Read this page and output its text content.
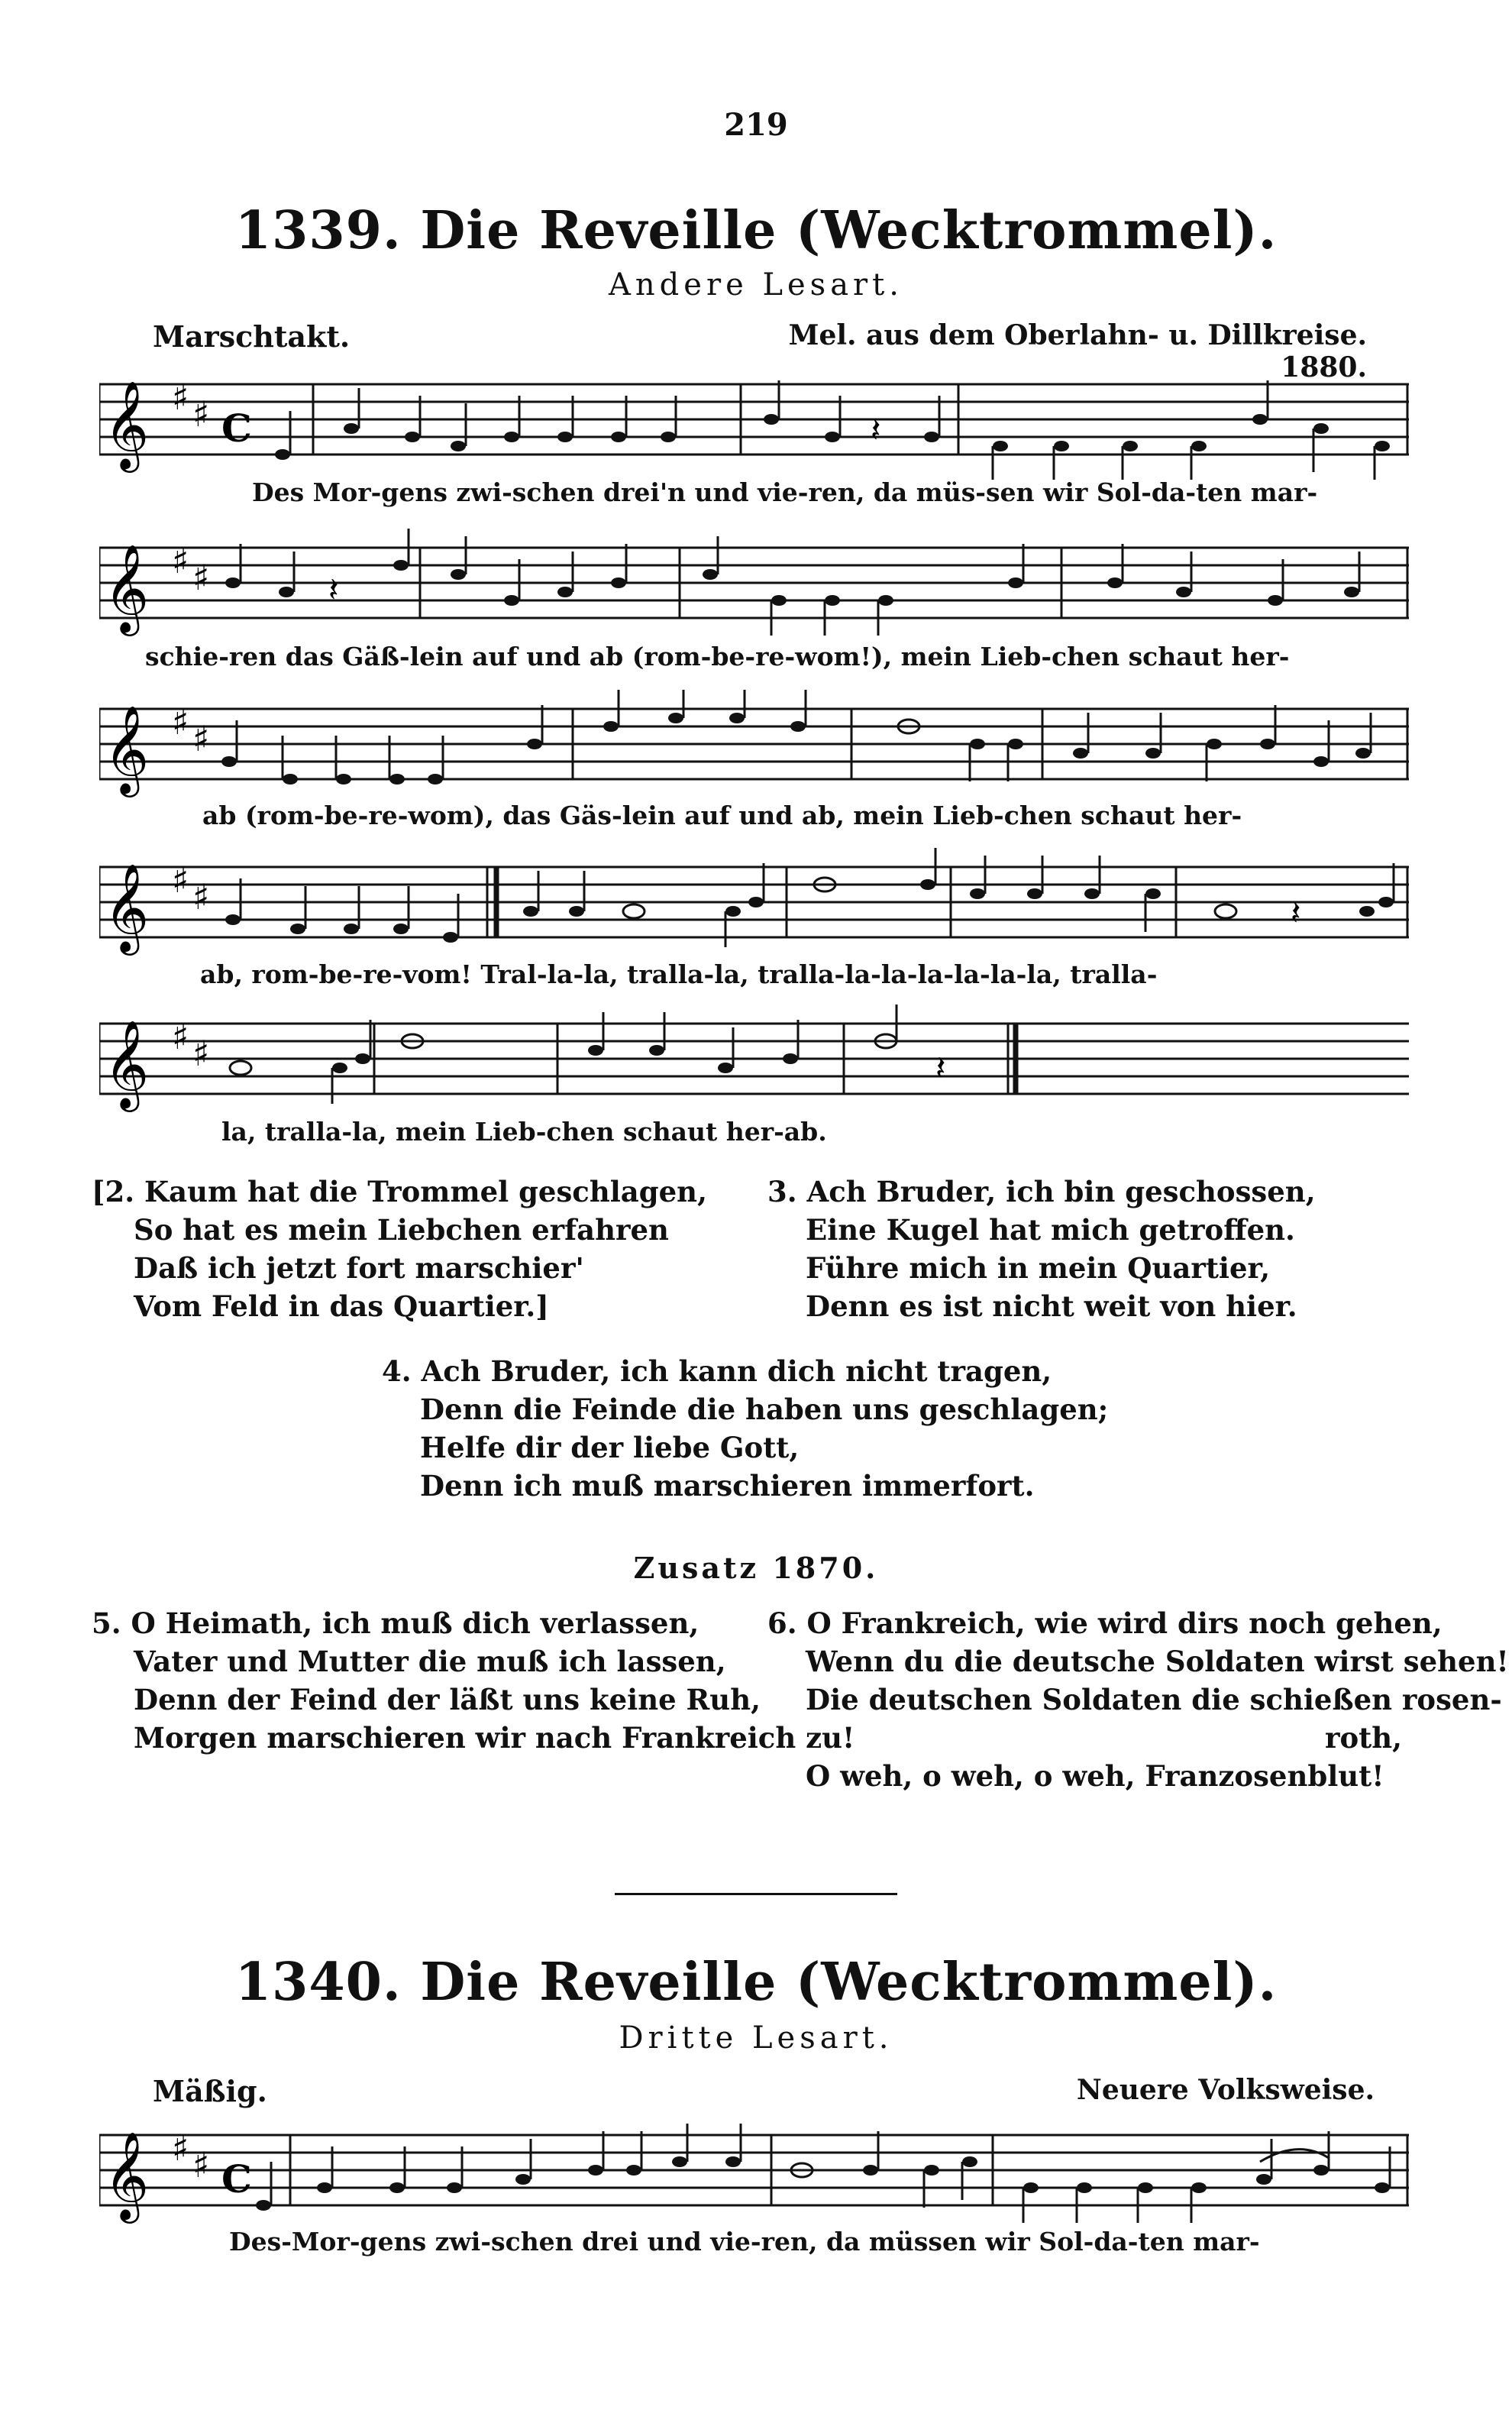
219
1339. Die Reveille (Wecktrommel).
Andere Lesart.
Marschtakt.	Mel. aus dem Oberlahn- u. Dillkreise. 1880.
𝄞 ♯ ♯ C	𝄽
Des Mor-gens zwi-schen drei'n und vie-ren, da müs-sen wir Sol-da-ten mar-
𝄞 ♯ ♯	𝄽
schie-ren das Gäß-lein auf und ab (rom-be-re-wom!), mein Lieb-chen schaut her-
𝄞 ♯ ♯
ab (rom-be-re-wom), das Gäs-lein auf und ab, mein Lieb-chen schaut her-
𝄞 ♯ ♯	𝄽
ab, rom-be-re-vom! Tral-la-la, tralla-la, tralla-la-la-la-la-la-la, tralla-
𝄞 ♯ ♯	𝄽
la, tralla-la, mein Lieb-chen schaut her-ab.
[2. Kaum hat die Trommel geschlagen,
So hat es mein Liebchen erfahren
Daß ich jetzt fort marschier'
Vom Feld in das Quartier.]
3. Ach Bruder, ich bin geschossen,
Eine Kugel hat mich getroffen.
Führe mich in mein Quartier,
Denn es ist nicht weit von hier.
4. Ach Bruder, ich kann dich nicht tragen,
Denn die Feinde die haben uns geschlagen;
Helfe dir der liebe Gott,
Denn ich muß marschieren immerfort.
Zusatz 1870.
5. O Heimath, ich muß dich verlassen,
Vater und Mutter die muß ich lassen,
Denn der Feind der läßt uns keine Ruh,
Morgen marschieren wir nach Frankreich zu!
6. O Frankreich, wie wird dirs noch gehen,
Wenn du die deutsche Soldaten wirst sehen!
Die deutschen Soldaten die schießen rosen-
roth,
O weh, o weh, o weh, Franzosenblut!
1340. Die Reveille (Wecktrommel).
Dritte Lesart.
Mäßig.	Neuere Volksweise.
𝄞 ♯ ♯ C
Des-Mor-gens zwi-schen drei und vie-ren, da müssen wir Sol-da-ten mar-
